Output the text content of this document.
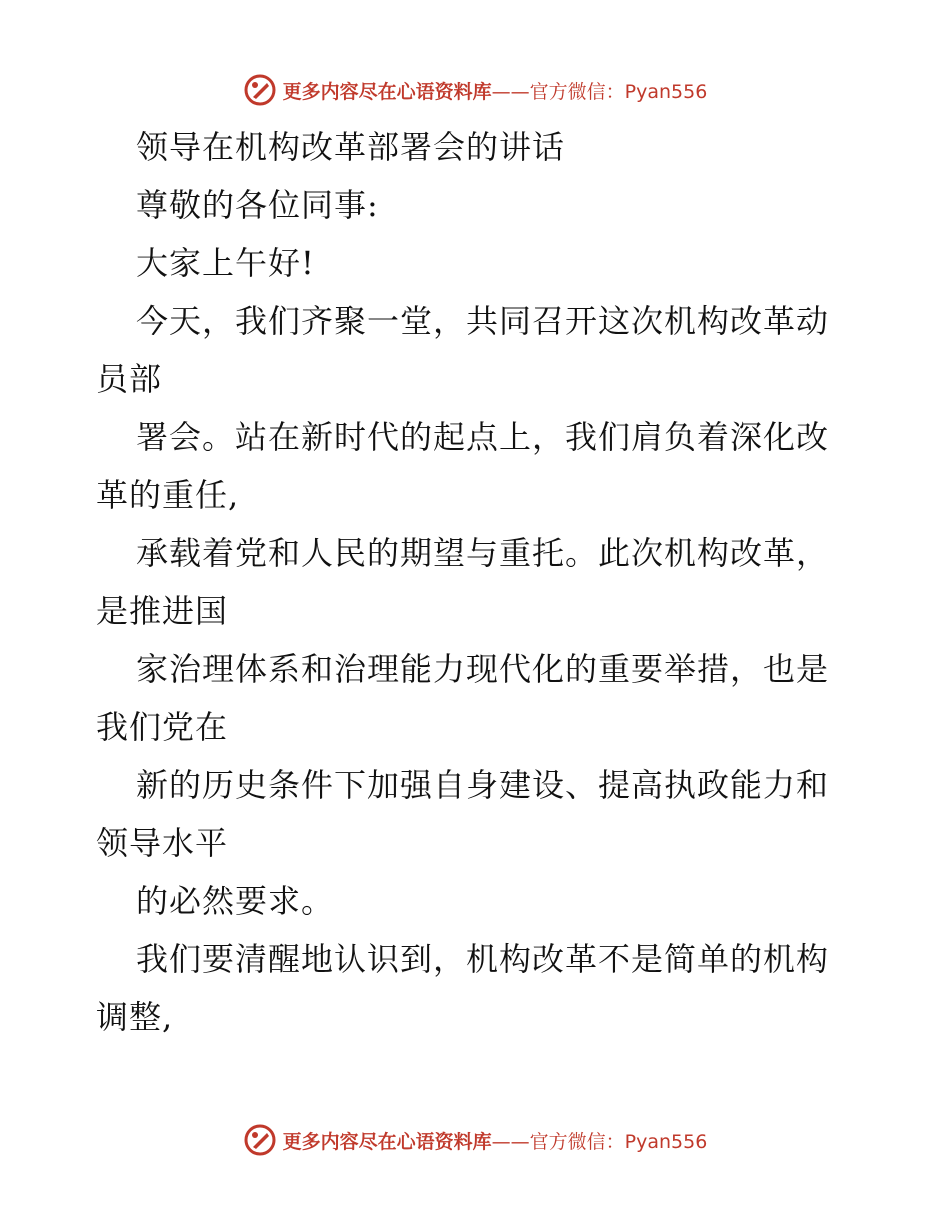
更多内容尽在心语资料库——官方微信：Pyan556
领导在机构改革部署会的讲话
尊敬的各位同事:
大家上午好!
今天，我们齐聚一堂，共同召开这次机构改革动
员部
署会。站在新时代的起点上，我们肩负着深化改
革的重任,
承载着党和人民的期望与重托。此次机构改革，
是推进国
家治理体系和治理能力现代化的重要举措，也是
我们党在
新的历史条件下加强自身建设、提高执政能力和
领导水平
的必然要求。
我们要清醒地认识到，机构改革不是简单的机构
调整,
更多内容尽在心语资料库——官方微信：Pyan556
